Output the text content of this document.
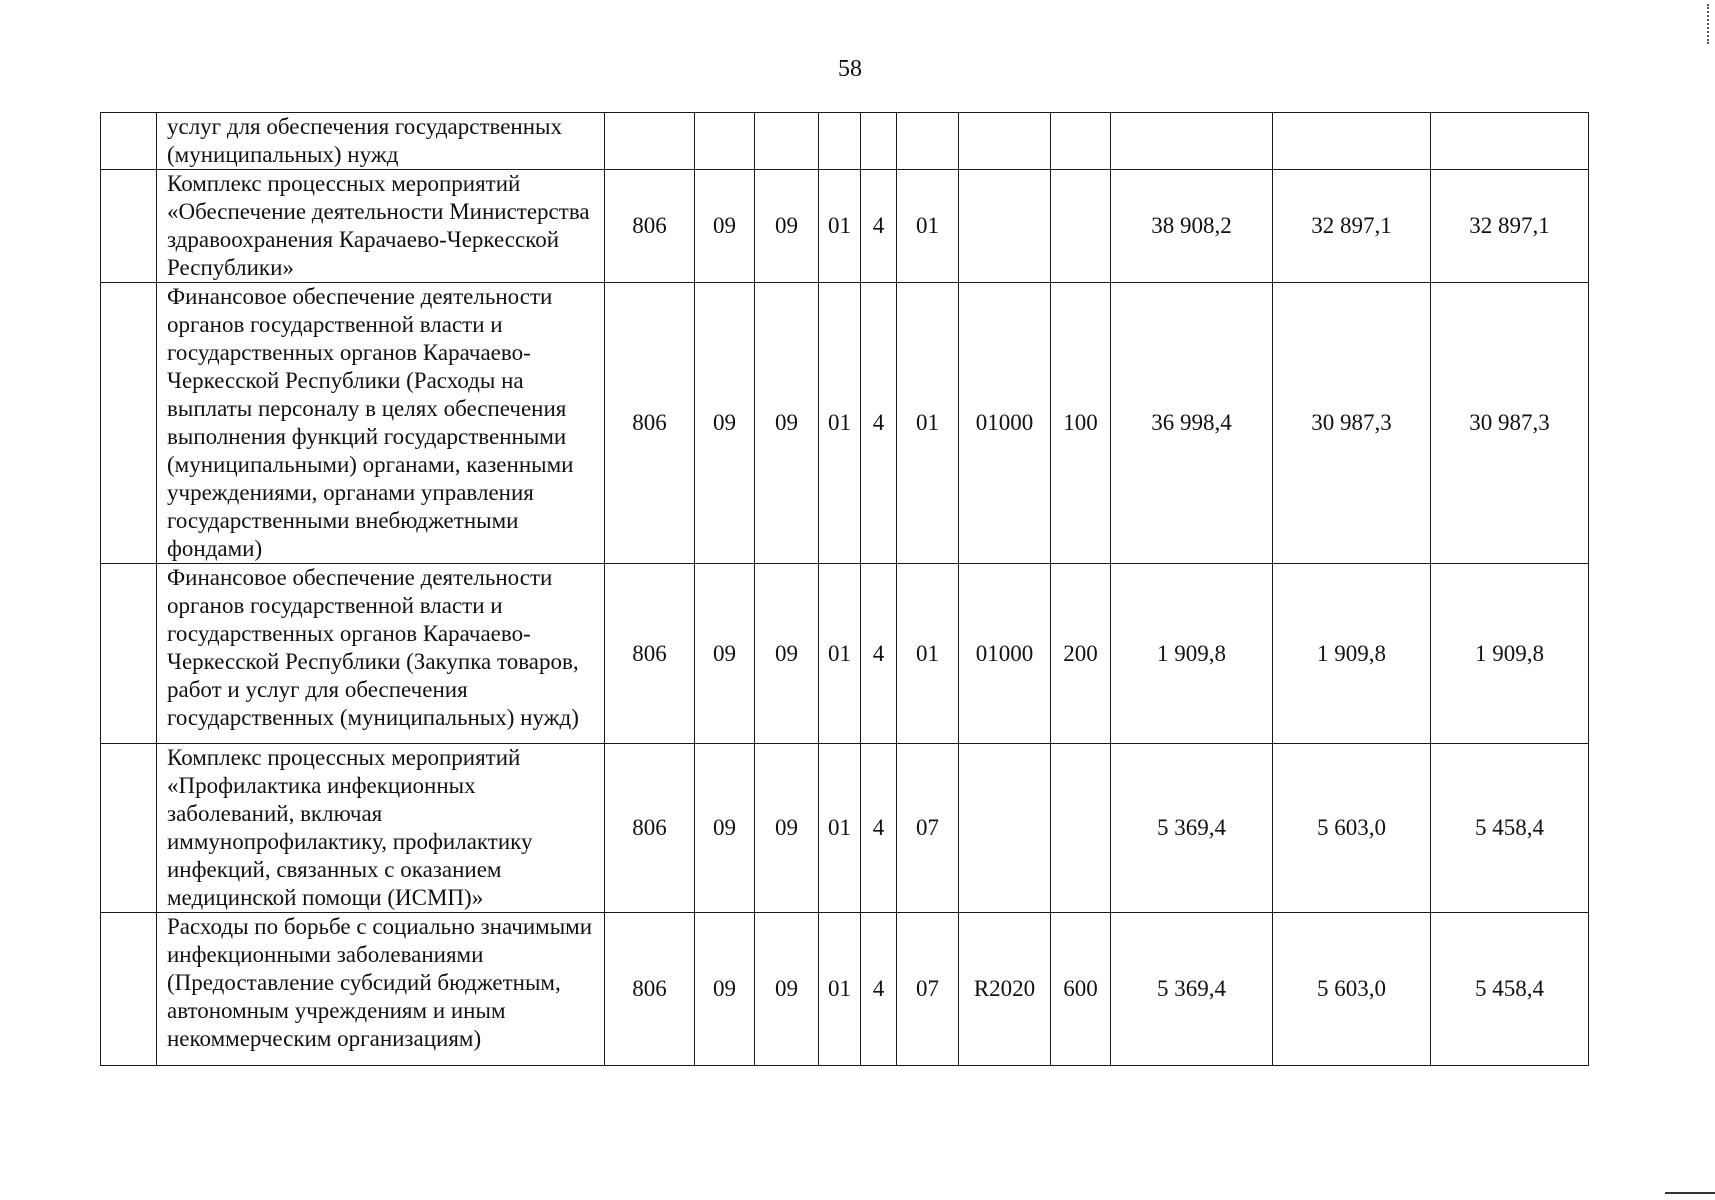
58
	услуг для обеспечения государственных (муниципальных) нужд											
	Комплекс процессных мероприятий «Обеспечение деятельности Министерства здравоохранения Карачаево-Черкесской Республики»	806	09	09	01	4	01			38 908,2	32 897,1	32 897,1
	Финансовое обеспечение деятельности органов государственной власти и государственных органов Карачаево-Черкесской Республики (Расходы на выплаты персоналу в целях обеспечения выполнения функций государственными (муниципальными) органами, казенными учреждениями, органами управления государственными внебюджетными фондами)	806	09	09	01	4	01	01000	100	36 998,4	30 987,3	30 987,3
	Финансовое обеспечение деятельности органов государственной власти и государственных органов Карачаево-Черкесской Республики (Закупка товаров, работ и услуг для обеспечения государственных (муниципальных) нужд)	806	09	09	01	4	01	01000	200	1 909,8	1 909,8	1 909,8
	Комплекс процессных мероприятий «Профилактика инфекционных заболеваний, включая иммунопрофилактику, профилактику инфекций, связанных с оказанием медицинской помощи (ИСМП)»	806	09	09	01	4	07			5 369,4	5 603,0	5 458,4
	Расходы по борьбе с социально значимыми инфекционными заболеваниями (Предоставление субсидий бюджетным, автономным учреждениям и иным некоммерческим организациям)	806	09	09	01	4	07	R2020	600	5 369,4	5 603,0	5 458,4
